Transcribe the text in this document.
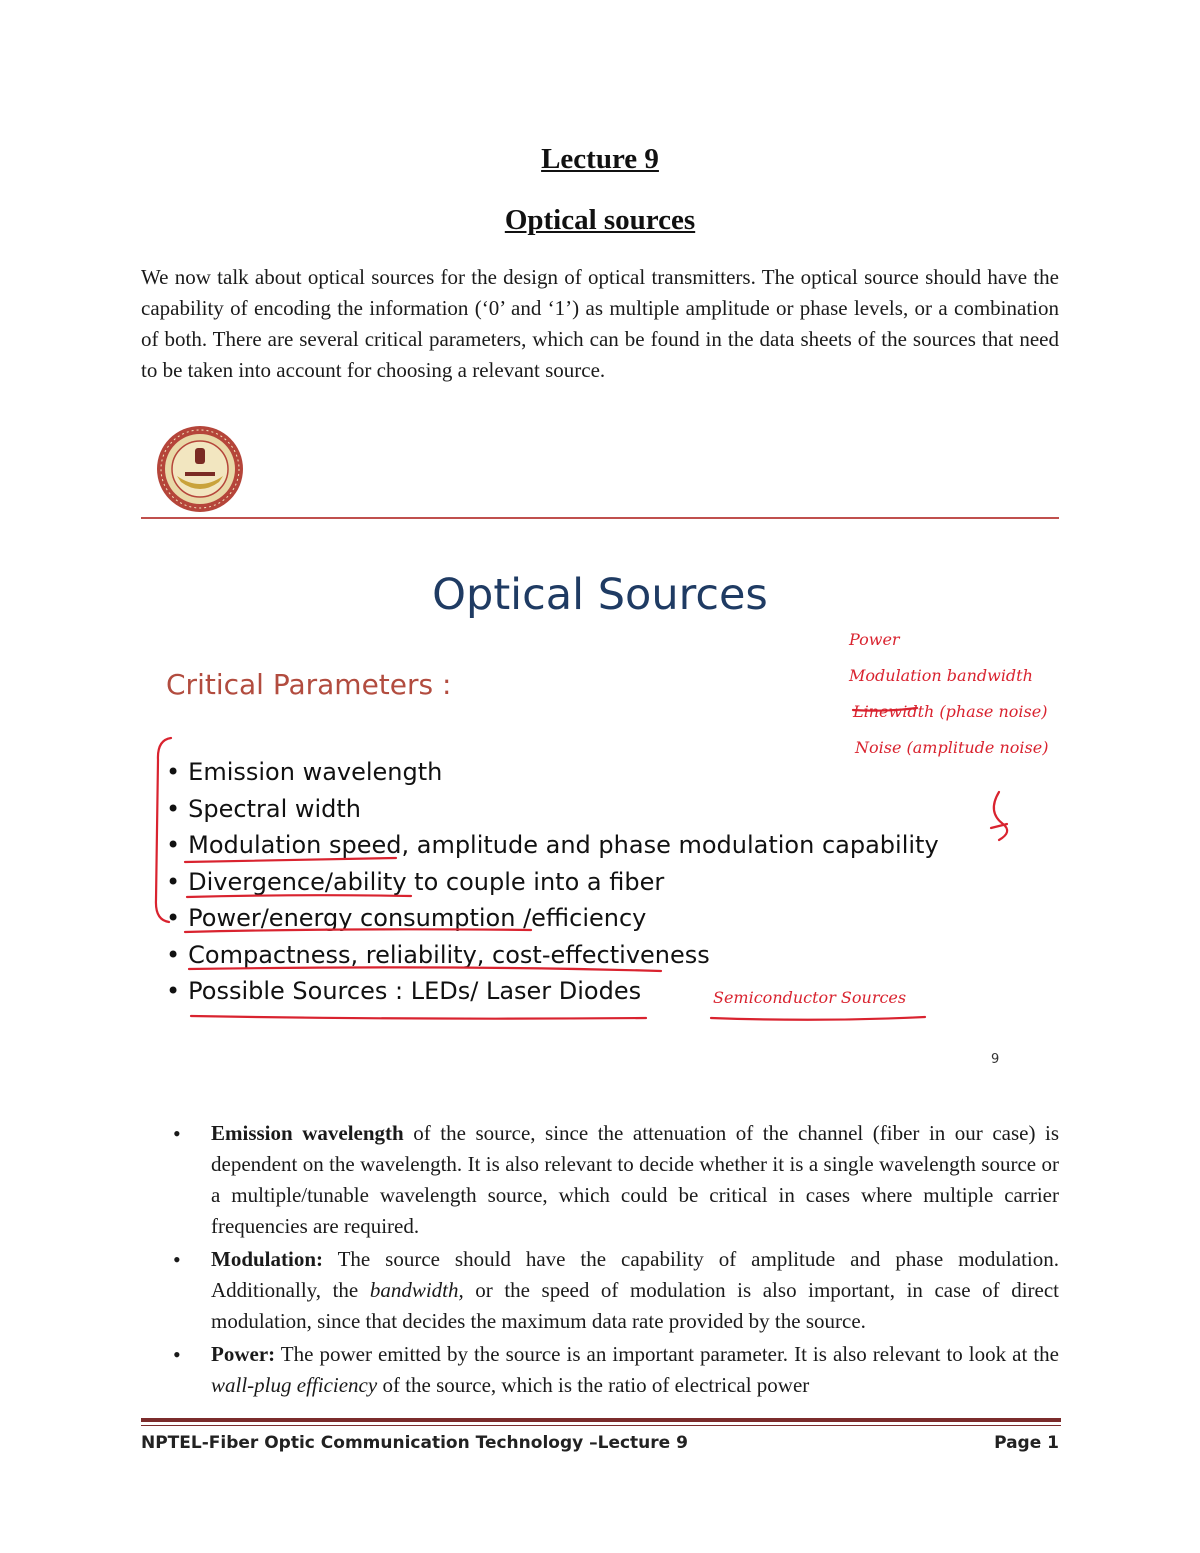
Lecture 9
Optical sources
We now talk about optical sources for the design of optical transmitters. The optical source should have the capability of encoding the information (‘0’ and ‘1’) as multiple amplitude or phase levels, or a combination of both. There are several critical parameters, which can be found in the data sheets of the sources that need to be taken into account for choosing a relevant source.
Optical Sources
Critical Parameters :
• Emission wavelength
• Spectral width
• Modulation speed, amplitude and phase modulation capability
• Divergence/ability to couple into a fiber
• Power/energy consumption /efficiency
• Compactness, reliability, cost-effectiveness
• Possible Sources : LEDs/ Laser Diodes
9
Power
Modulation bandwidth
Linewidth (phase noise)
Noise (amplitude noise)
Semiconductor Sources
• Emission wavelength of the source, since the attenuation of the channel (fiber in our case) is dependent on the wavelength. It is also relevant to decide whether it is a single wavelength source or a multiple/tunable wavelength source, which could be critical in cases where multiple carrier frequencies are required.
• Modulation: The source should have the capability of amplitude and phase modulation. Additionally, the bandwidth, or the speed of modulation is also important, in case of direct modulation, since that decides the maximum data rate provided by the source.
• Power: The power emitted by the source is an important parameter. It is also relevant to look at the wall-plug efficiency of the source, which is the ratio of electrical power
NPTEL-Fiber Optic Communication Technology –Lecture 9	Page 1
